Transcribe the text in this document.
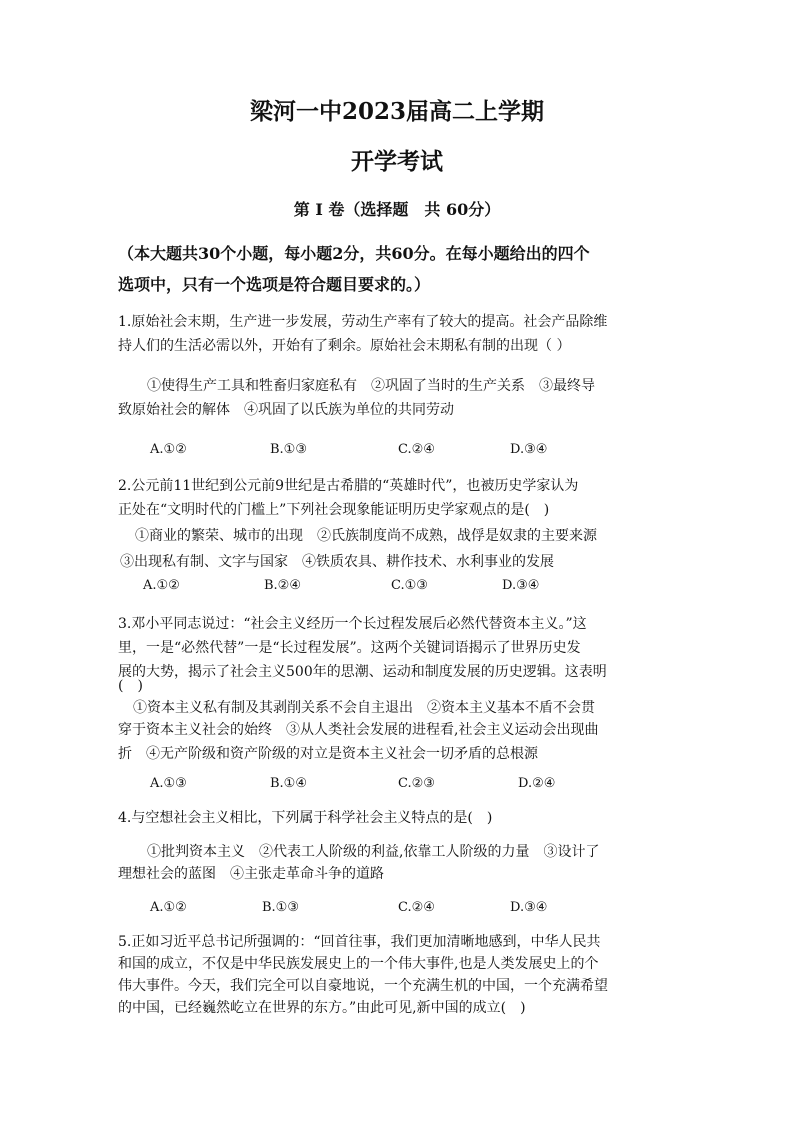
梁河一中2023届高二上学期
开学考试
第 Ⅰ 卷（选择题　共 60分）
（本大题共30个小题，每小题2分，共60分。在每小题给出的四个
选项中，只有一个选项是符合题目要求的。）
1.原始社会末期，生产进一步发展，劳动生产率有了较大的提高。社会产品除维
持人们的生活必需以外，开始有了剩余。原始社会末期私有制的出现（ ）
①使得生产工具和牲畜归家庭私有　②巩固了当时的生产关系　③最终导
致原始社会的解体　④巩固了以氏族为单位的共同劳动
A.①②	B.①③	C.②④	D.③④
2.公元前11世纪到公元前9世纪是古希腊的“英雄时代”，也被历史学家认为
正处在“文明时代的门槛上”下列社会现象能证明历史学家观点的是(　)
①商业的繁荣、城市的出现　②氏族制度尚不成熟，战俘是奴隶的主要来源
③出现私有制、文字与国家　④铁质农具、耕作技术、水利事业的发展
A.①②	B.②④	C.①③	D.③④
3.邓小平同志说过：“社会主义经历一个长过程发展后必然代替资本主义。”这
里，一是“必然代替”一是“长过程发展”。这两个关键词语揭示了世界历史发
展的大势，揭示了社会主义500年的思潮、运动和制度发展的历史逻辑。这表明
(　)
①资本主义私有制及其剥削关系不会自主退出　②资本主义基本不盾不会贯
穿于资本主义社会的始终　③从人类社会发展的进程看,社会主义运动会出现曲
折　④无产阶级和资产阶级的对立是资本主义社会一切矛盾的总根源
A.①③	B.①④	C.②③	D.②④
4.与空想社会主义相比，下列属于科学社会主义特点的是(　)
①批判资本主义　②代表工人阶级的利益,依靠工人阶级的力量　③设计了
理想社会的蓝图　④主张走革命斗争的道路
A.①②	B.①③	C.②④	D.③④
5.正如习近平总书记所强调的：“回首往事，我们更加清晰地感到，中华人民共
和国的成立，不仅是中华民族发展史上的一个伟大事件,也是人类发展史上的个
伟大事件。今天，我们完全可以自豪地说，一个充满生机的中国，一个充满希望
的中国，已经巍然屹立在世界的东方。”由此可见,新中国的成立(　)
